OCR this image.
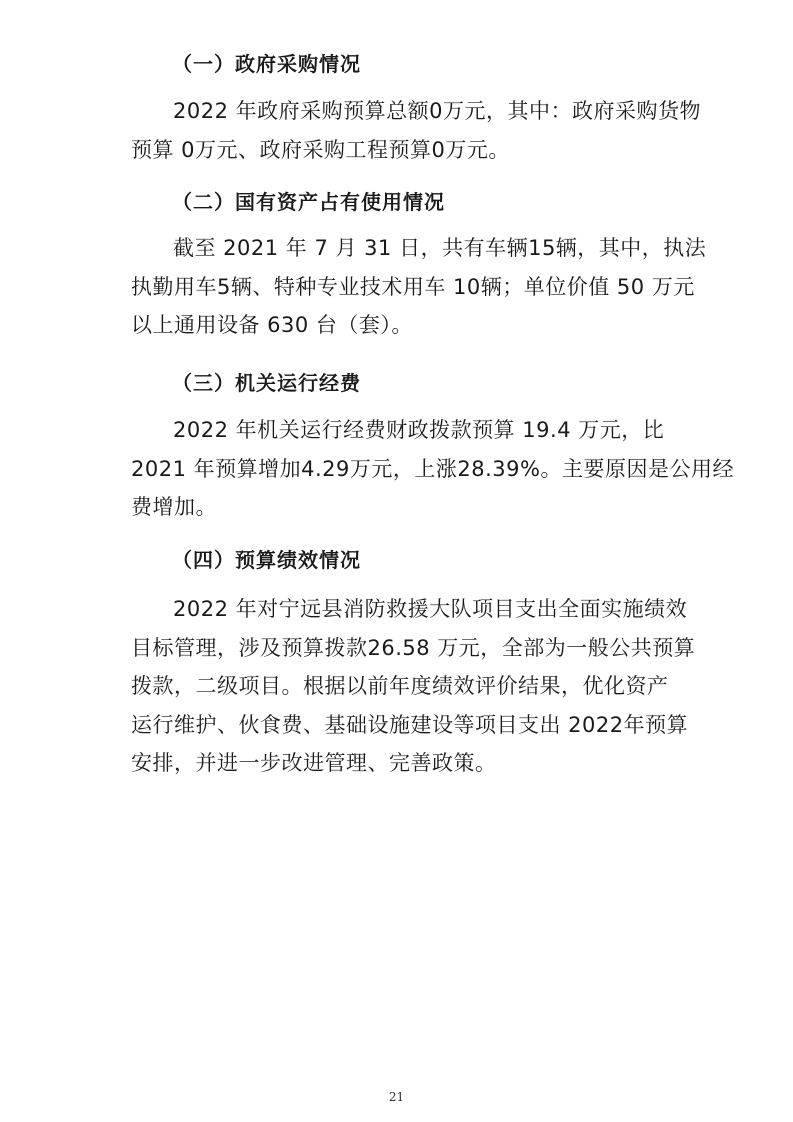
（一）政府采购情况
2022 年政府采购预算总额0万元，其中：政府采购货物
预算 0万元、政府采购工程预算0万元。
（二）国有资产占有使用情况
截至 2021 年 7 月 31 日，共有车辆15辆，其中，执法
执勤用车5辆、特种专业技术用车 10辆；单位价值 50 万元
以上通用设备 630 台（套）。
（三）机关运行经费
2022 年机关运行经费财政拨款预算 19.4 万元，比
2021 年预算增加4.29万元，上涨28.39%。主要原因是公用经
费增加。
（四）预算绩效情况
2022 年对宁远县消防救援大队项目支出全面实施绩效
目标管理，涉及预算拨款26.58 万元，全部为一般公共预算
拨款，二级项目。根据以前年度绩效评价结果，优化资产
运行维护、伙食费、基础设施建设等项目支出 2022年预算
安排，并进一步改进管理、完善政策。
21
